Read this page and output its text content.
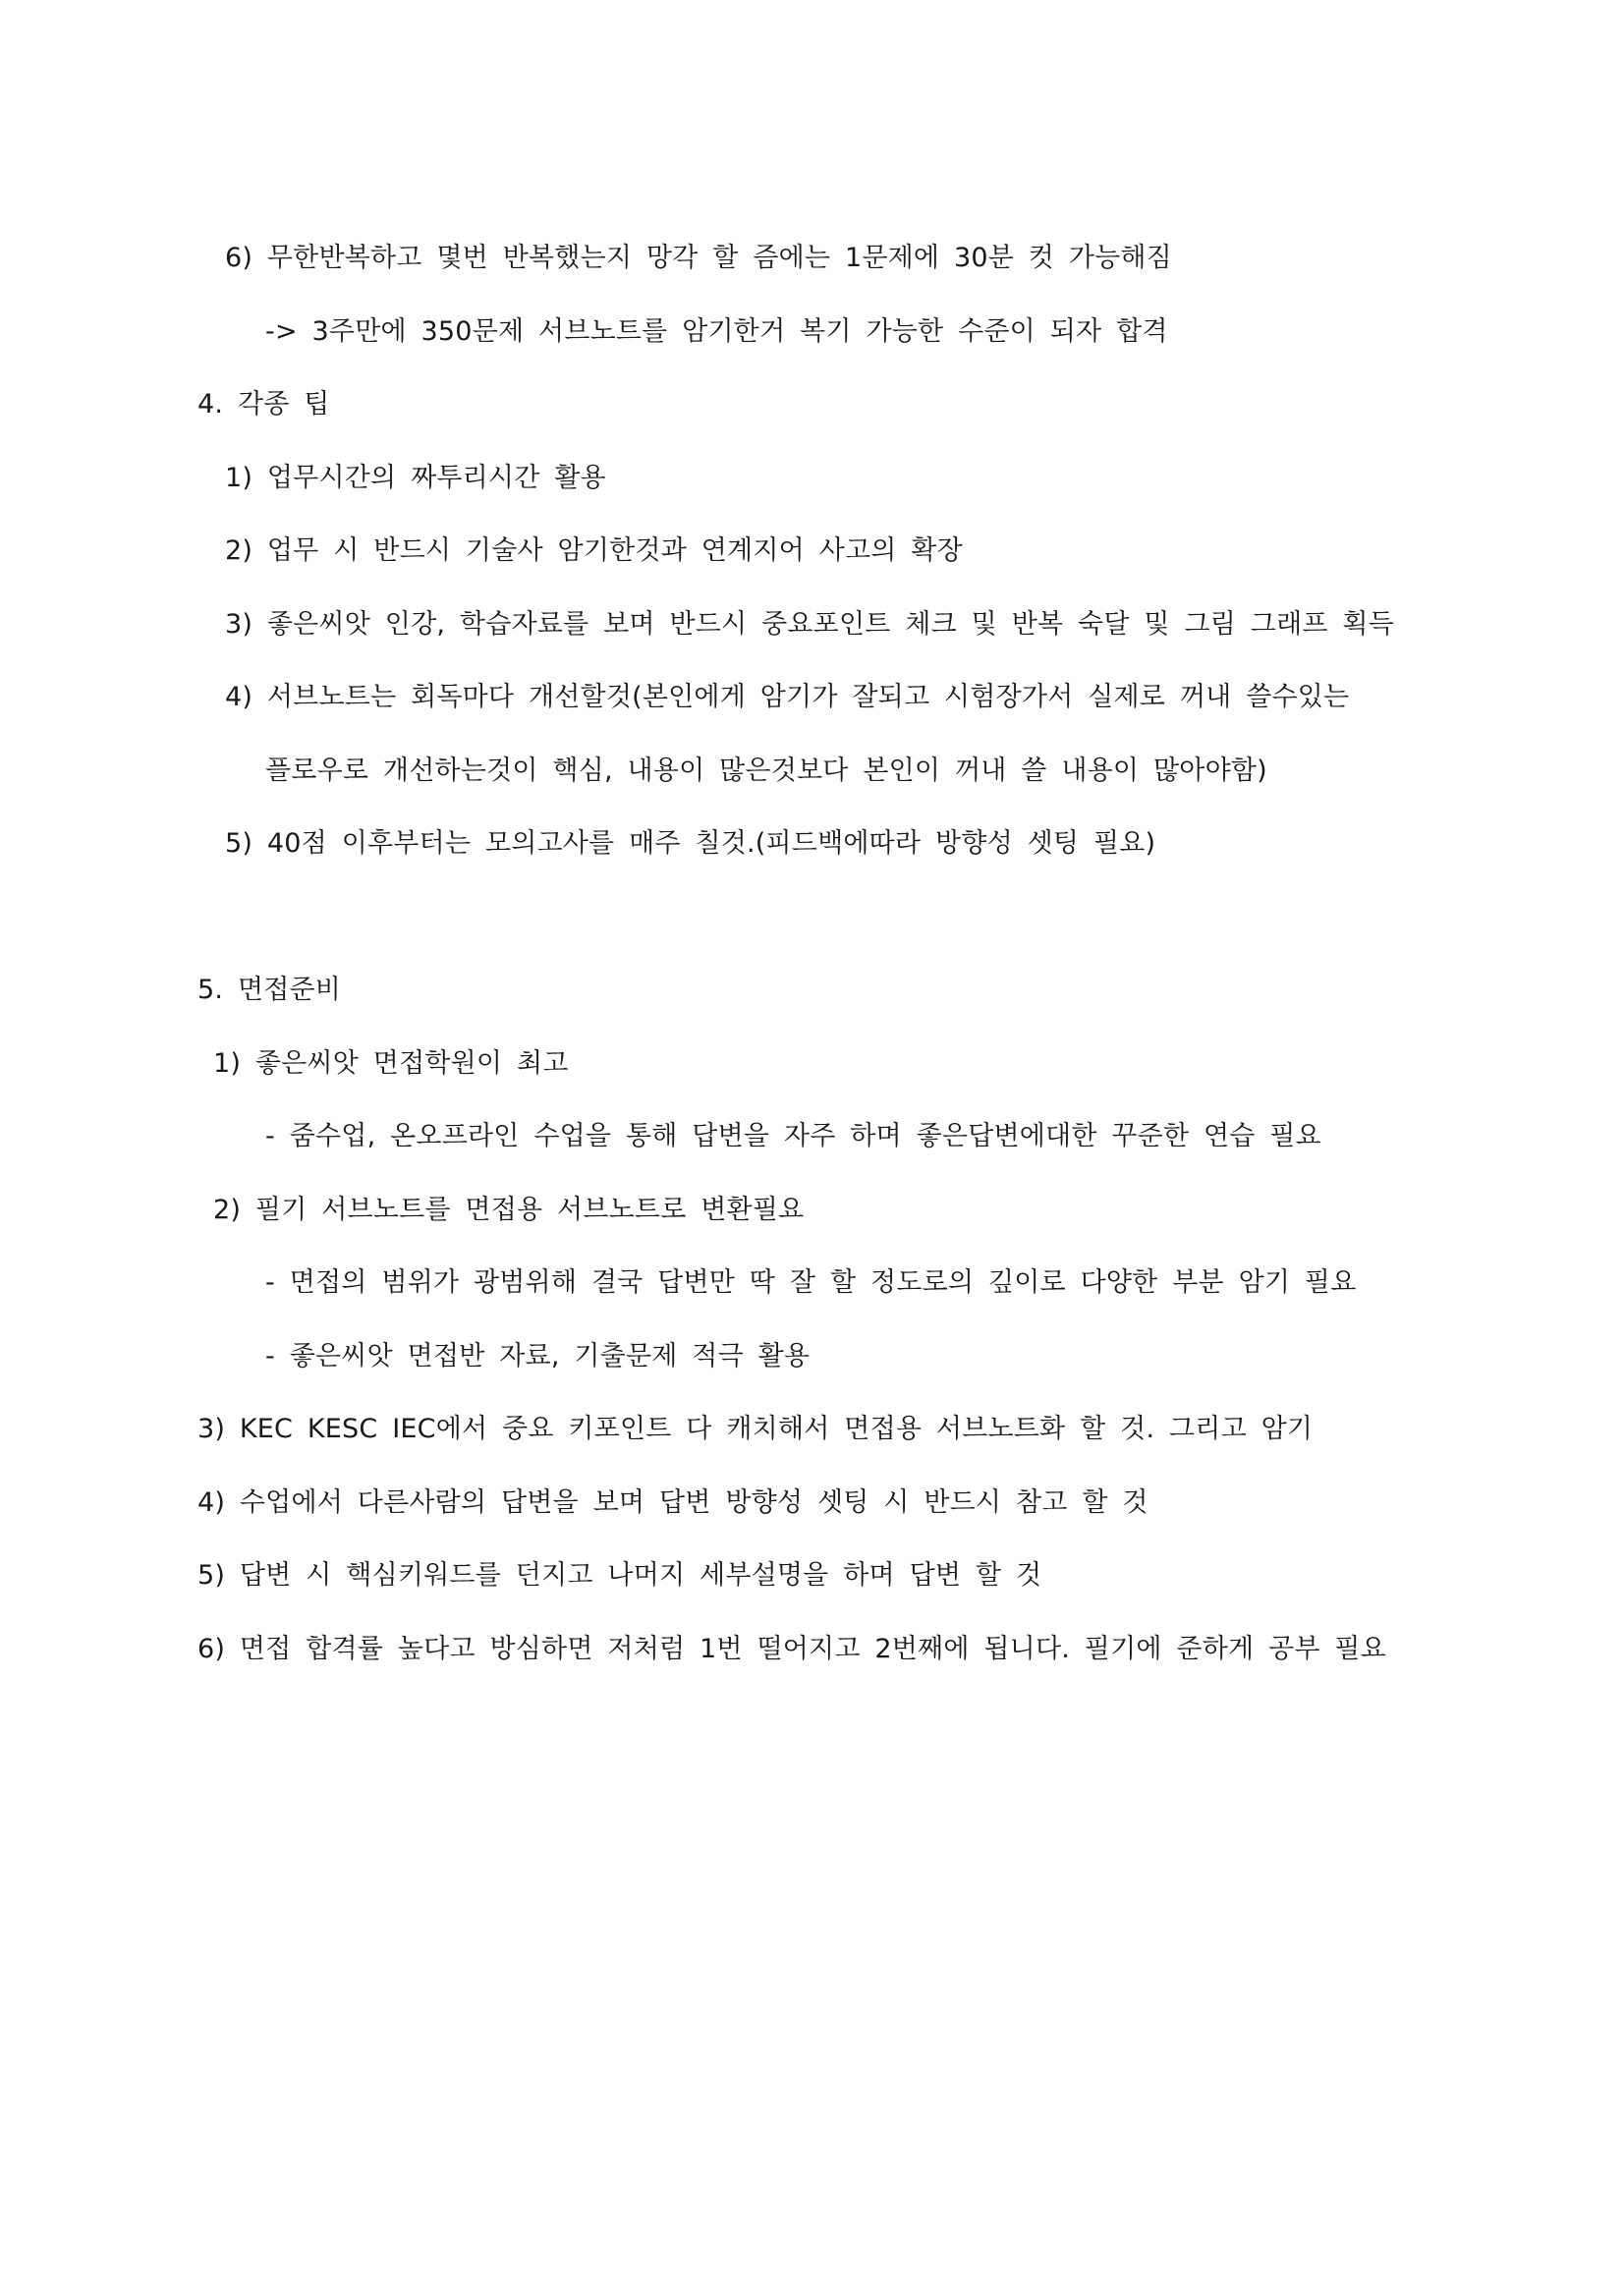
6) 무한반복하고 몇번 반복했는지 망각 할 즘에는 1문제에 30분 컷 가능해짐

-> 3주만에 350문제 서브노트를 암기한거 복기 가능한 수준이 되자 합격

4. 각종 팁

1) 업무시간의 짜투리시간 활용

2) 업무 시 반드시 기술사 암기한것과 연계지어 사고의 확장

3) 좋은씨앗 인강, 학습자료를 보며 반드시 중요포인트 체크 및 반복 숙달 및 그림 그래프 획득

4) 서브노트는 회독마다 개선할것(본인에게 암기가 잘되고 시험장가서 실제로 꺼내 쓸수있는

플로우로 개선하는것이 핵심, 내용이 많은것보다 본인이 꺼내 쓸 내용이 많아야함)

5) 40점 이후부터는 모의고사를 매주 칠것.(피드백에따라 방향성 셋팅 필요)

5. 면접준비

1) 좋은씨앗 면접학원이 최고

- 줌수업, 온오프라인 수업을 통해 답변을 자주 하며 좋은답변에대한 꾸준한 연습 필요

2) 필기 서브노트를 면접용 서브노트로 변환필요

- 면접의 범위가 광범위해 결국 답변만 딱 잘 할 정도로의 깊이로 다양한 부분 암기 필요

- 좋은씨앗 면접반 자료, 기출문제 적극 활용

3) KEC KESC IEC에서 중요 키포인트 다 캐치해서 면접용 서브노트화 할 것. 그리고 암기

4) 수업에서 다른사람의 답변을 보며 답변 방향성 셋팅 시 반드시 참고 할 것

5) 답변 시 핵심키워드를 던지고 나머지 세부설명을 하며 답변 할 것

6) 면접 합격률 높다고 방심하면 저처럼 1번 떨어지고 2번째에 됩니다. 필기에 준하게 공부 필요
